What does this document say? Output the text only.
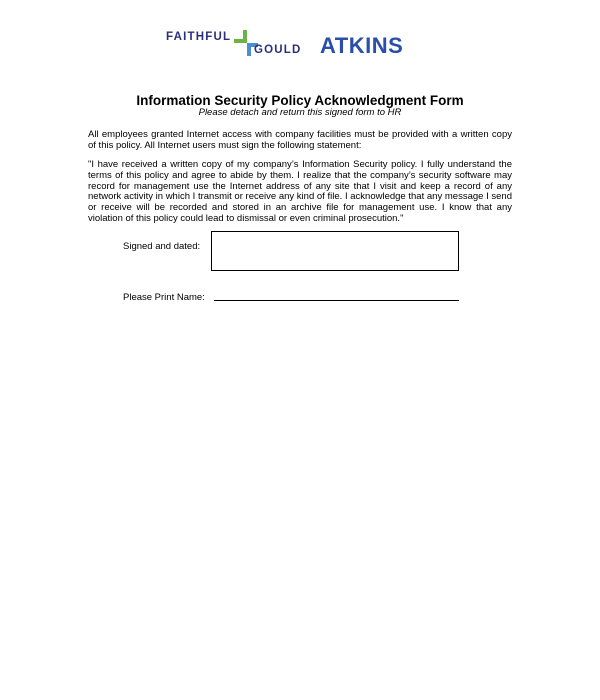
FAITHFUL
GOULD ATKINS
Information Security Policy Acknowledgment Form
Please detach and return this signed form to HR
All employees granted Internet access with company facilities must be provided with a written copy of this policy. All Internet users must sign the following statement:
"I have received a written copy of my company’s Information Security policy. I fully understand the terms of this policy and agree to abide by them. I realize that the company’s security software may record for management use the Internet address of any site that I visit and keep a record of any network activity in which I transmit or receive any kind of file. I acknowledge that any message I send or receive will be recorded and stored in an archive file for management use. I know that any violation of this policy could lead to dismissal or even criminal prosecution."
Signed and dated:
Please Print Name:
